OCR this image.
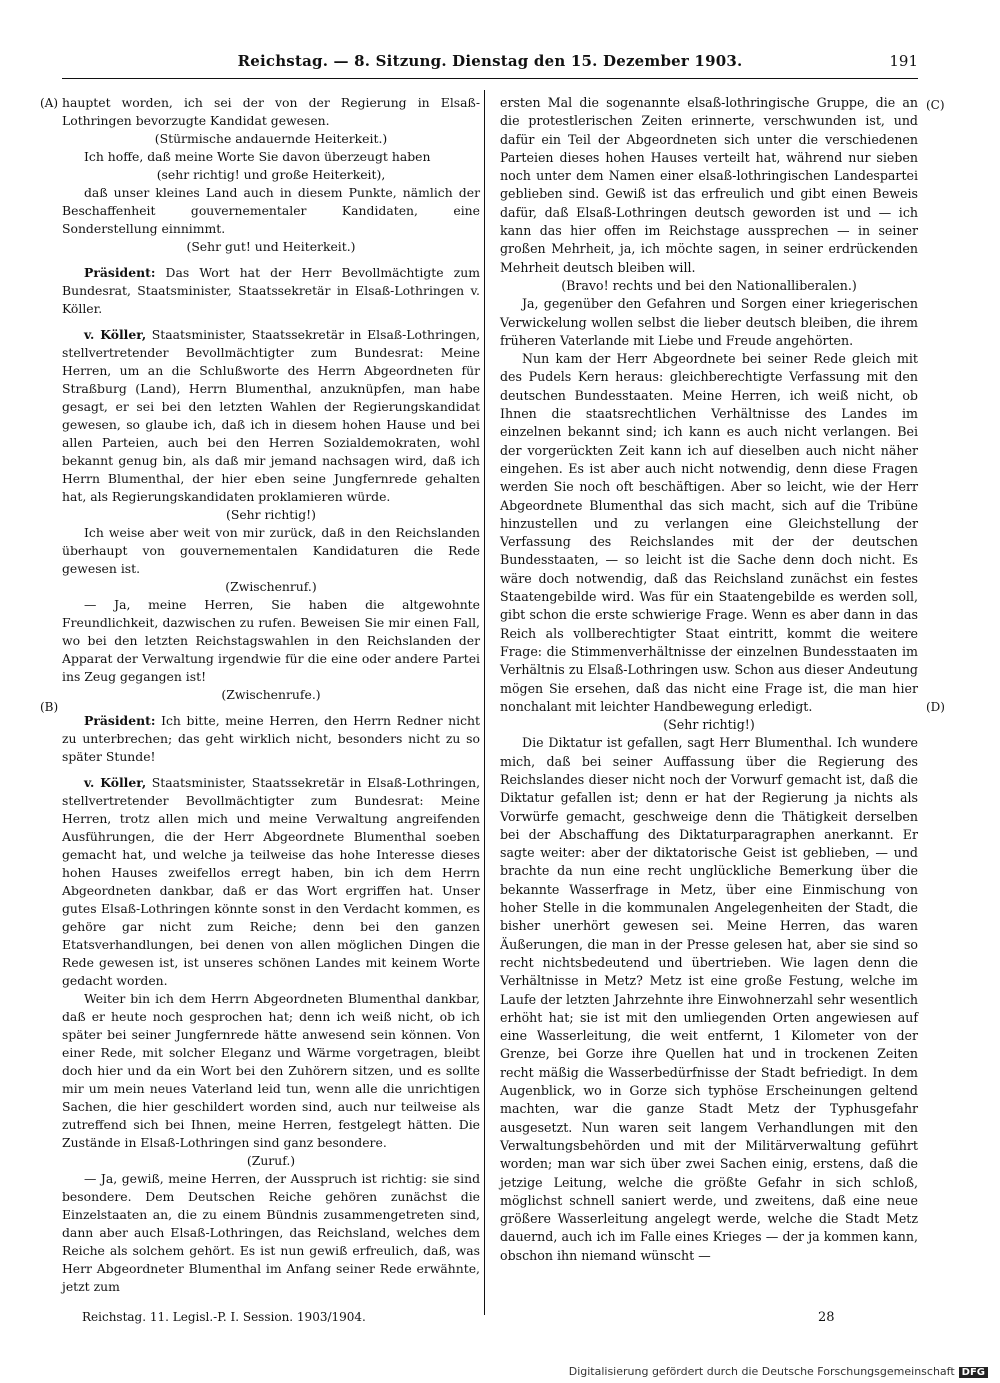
Reichstag. — 8. Sitzung. Dienstag den 15. Dezember 1903.	191
(A)
(B)
(C)
(D)

hauptet worden, ich sei der von der Regierung in Elsaß-Lothringen bevorzugte Kandidat gewesen.

(Stürmische andauernde Heiterkeit.)

Ich hoffe, daß meine Worte Sie davon überzeugt haben

(sehr richtig! und große Heiterkeit),

daß unser kleines Land auch in diesem Punkte, nämlich der Beschaffenheit gouvernementaler Kandidaten, eine Sonderstellung einnimmt.

(Sehr gut! und Heiterkeit.)

Präsident: Das Wort hat der Herr Bevollmächtigte zum Bundesrat, Staatsminister, Staatssekretär in Elsaß-Lothringen v. Köller.

v. Köller, Staatsminister, Staatssekretär in Elsaß-Lothringen, stellvertretender Bevollmächtigter zum Bundesrat: Meine Herren, um an die Schlußworte des Herrn Abgeordneten für Straßburg (Land), Herrn Blumenthal, anzuknüpfen, man habe gesagt, er sei bei den letzten Wahlen der Regierungskandidat gewesen, so glaube ich, daß ich in diesem hohen Hause und bei allen Parteien, auch bei den Herren Sozialdemokraten, wohl bekannt genug bin, als daß mir jemand nachsagen wird, daß ich Herrn Blumenthal, der hier eben seine Jungfernrede gehalten hat, als Regierungskandidaten proklamieren würde.

(Sehr richtig!)

Ich weise aber weit von mir zurück, daß in den Reichslanden überhaupt von gouvernementalen Kandidaturen die Rede gewesen ist.

(Zwischenruf.)

— Ja, meine Herren, Sie haben die altgewohnte Freundlichkeit, dazwischen zu rufen. Beweisen Sie mir einen Fall, wo bei den letzten Reichstagswahlen in den Reichslanden der Apparat der Verwaltung irgendwie für die eine oder andere Partei ins Zeug gegangen ist!

(Zwischenrufe.)

Präsident: Ich bitte, meine Herren, den Herrn Redner nicht zu unterbrechen; das geht wirklich nicht, besonders nicht zu so später Stunde!

v. Köller, Staatsminister, Staatssekretär in Elsaß-Lothringen, stellvertretender Bevollmächtigter zum Bundesrat: Meine Herren, trotz allen mich und meine Verwaltung angreifenden Ausführungen, die der Herr Abgeordnete Blumenthal soeben gemacht hat, und welche ja teilweise das hohe Interesse dieses hohen Hauses zweifellos erregt haben, bin ich dem Herrn Abgeordneten dankbar, daß er das Wort ergriffen hat. Unser gutes Elsaß-Lothringen könnte sonst in den Verdacht kommen, es gehöre gar nicht zum Reiche; denn bei den ganzen Etatsverhandlungen, bei denen von allen möglichen Dingen die Rede gewesen ist, ist unseres schönen Landes mit keinem Worte gedacht worden.

Weiter bin ich dem Herrn Abgeordneten Blumenthal dankbar, daß er heute noch gesprochen hat; denn ich weiß nicht, ob ich später bei seiner Jungfernrede hätte anwesend sein können. Von einer Rede, mit solcher Eleganz und Wärme vorgetragen, bleibt doch hier und da ein Wort bei den Zuhörern sitzen, und es sollte mir um mein neues Vaterland leid tun, wenn alle die unrichtigen Sachen, die hier geschildert worden sind, auch nur teilweise als zutreffend sich bei Ihnen, meine Herren, festgelegt hätten. Die Zustände in Elsaß-Lothringen sind ganz besondere.

(Zuruf.)

— Ja, gewiß, meine Herren, der Ausspruch ist richtig: sie sind besondere. Dem Deutschen Reiche gehören zunächst die Einzelstaaten an, die zu einem Bündnis zusammengetreten sind, dann aber auch Elsaß-Lothringen, das Reichsland, welches dem Reiche als solchem gehört. Es ist nun gewiß erfreulich, daß, was Herr Abgeordneter Blumenthal im Anfang seiner Rede erwähnte, jetzt zum

ersten Mal die sogenannte elsaß-lothringische Gruppe, die an die protestlerischen Zeiten erinnerte, verschwunden ist, und dafür ein Teil der Abgeordneten sich unter die verschiedenen Parteien dieses hohen Hauses verteilt hat, während nur sieben noch unter dem Namen einer elsaß-lothringischen Landespartei geblieben sind. Gewiß ist das erfreulich und gibt einen Beweis dafür, daß Elsaß-Lothringen deutsch geworden ist und — ich kann das hier offen im Reichstage aussprechen — in seiner großen Mehrheit, ja, ich möchte sagen, in seiner erdrückenden Mehrheit deutsch bleiben will.

(Bravo! rechts und bei den Nationalliberalen.)

Ja, gegenüber den Gefahren und Sorgen einer kriegerischen Verwickelung wollen selbst die lieber deutsch bleiben, die ihrem früheren Vaterlande mit Liebe und Freude angehörten.

Nun kam der Herr Abgeordnete bei seiner Rede gleich mit des Pudels Kern heraus: gleichberechtigte Verfassung mit den deutschen Bundesstaaten. Meine Herren, ich weiß nicht, ob Ihnen die staatsrechtlichen Verhältnisse des Landes im einzelnen bekannt sind; ich kann es auch nicht verlangen. Bei der vorgerückten Zeit kann ich auf dieselben auch nicht näher eingehen. Es ist aber auch nicht notwendig, denn diese Fragen werden Sie noch oft beschäftigen. Aber so leicht, wie der Herr Abgeordnete Blumenthal das sich macht, sich auf die Tribüne hinzustellen und zu verlangen eine Gleichstellung der Verfassung des Reichslandes mit der der deutschen Bundesstaaten, — so leicht ist die Sache denn doch nicht. Es wäre doch notwendig, daß das Reichsland zunächst ein festes Staatengebilde wird. Was für ein Staatengebilde es werden soll, gibt schon die erste schwierige Frage. Wenn es aber dann in das Reich als vollberechtigter Staat eintritt, kommt die weitere Frage: die Stimmenverhältnisse der einzelnen Bundesstaaten im Verhältnis zu Elsaß-Lothringen usw. Schon aus dieser Andeutung mögen Sie ersehen, daß das nicht eine Frage ist, die man hier nonchalant mit leichter Handbewegung erledigt.

(Sehr richtig!)

Die Diktatur ist gefallen, sagt Herr Blumenthal. Ich wundere mich, daß bei seiner Auffassung über die Regierung des Reichslandes dieser nicht noch der Vorwurf gemacht ist, daß die Diktatur gefallen ist; denn er hat der Regierung ja nichts als Vorwürfe gemacht, geschweige denn die Thätigkeit derselben bei der Abschaffung des Diktaturparagraphen anerkannt. Er sagte weiter: aber der diktatorische Geist ist geblieben, — und brachte da nun eine recht unglückliche Bemerkung über die bekannte Wasserfrage in Metz, über eine Einmischung von hoher Stelle in die kommunalen Angelegenheiten der Stadt, die bisher unerhört gewesen sei. Meine Herren, das waren Äußerungen, die man in der Presse gelesen hat, aber sie sind so recht nichtsbedeutend und übertrieben. Wie lagen denn die Verhältnisse in Metz? Metz ist eine große Festung, welche im Laufe der letzten Jahrzehnte ihre Einwohnerzahl sehr wesentlich erhöht hat; sie ist mit den umliegenden Orten angewiesen auf eine Wasserleitung, die weit entfernt, 1 Kilometer von der Grenze, bei Gorze ihre Quellen hat und in trockenen Zeiten recht mäßig die Wasserbedürfnisse der Stadt befriedigt. In dem Augenblick, wo in Gorze sich typhöse Erscheinungen geltend machten, war die ganze Stadt Metz der Typhusgefahr ausgesetzt. Nun waren seit langem Verhandlungen mit den Verwaltungsbehörden und mit der Militärverwaltung geführt worden; man war sich über zwei Sachen einig, erstens, daß die jetzige Leitung, welche die größte Gefahr in sich schloß, möglichst schnell saniert werde, und zweitens, daß eine neue größere Wasserleitung angelegt werde, welche die Stadt Metz dauernd, auch ich im Falle eines Krieges — der ja kommen kann, obschon ihn niemand wünscht —

Reichstag. 11. Legisl.-P. I. Session. 1903/1904.	28
Digitalisierung gefördert durch die Deutsche Forschungsgemeinschaft DFG
